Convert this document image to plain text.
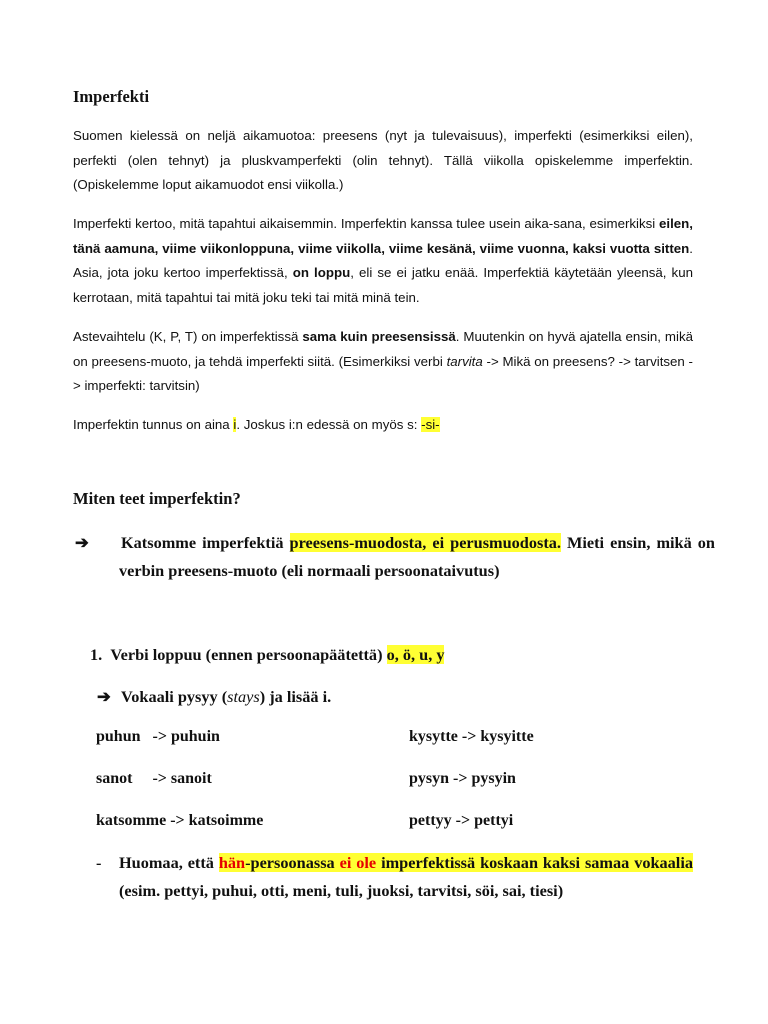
Imperfekti
Suomen kielessä on neljä aikamuotoa: preesens (nyt ja tulevaisuus), imperfekti (esimerkiksi eilen), perfekti (olen tehnyt) ja pluskvamperfekti (olin tehnyt). Tällä viikolla opiskelemme imperfektin. (Opiskelemme loput aikamuodot ensi viikolla.)
Imperfekti kertoo, mitä tapahtui aikaisemmin. Imperfektin kanssa tulee usein aika-sana, esimerkiksi eilen, tänä aamuna, viime viikonloppuna, viime viikolla, viime kesänä, viime vuonna, kaksi vuotta sitten. Asia, jota joku kertoo imperfektissä, on loppu, eli se ei jatku enää. Imperfektiä käytetään yleensä, kun kerrotaan, mitä tapahtui tai mitä joku teki tai mitä minä tein.
Astevaihtelu (K, P, T) on imperfektissä sama kuin preesensissä. Muutenkin on hyvä ajatella ensin, mikä on preesens-muoto, ja tehdä imperfekti siitä. (Esimerkiksi verbi tarvita -> Mikä on preesens? -> tarvitsen -> imperfekti: tarvitsin)
Imperfektin tunnus on aina i. Joskus i:n edessä on myös s: -si-
Miten teet imperfektin?
➔ Katsomme imperfektiä preesens-muodosta, ei perusmuodosta. Mieti ensin, mikä on verbin preesens-muoto (eli normaali persoonataivutus)
1. Verbi loppuu (ennen persoonapäätettä) o, ö, u, y
➔ Vokaali pysyy (stays) ja lisää i.
puhun   -> puhuin
sanot     -> sanoit
katsomme -> katsoimme
kysytte -> kysyitte
pysyn -> pysyin
pettyy -> pettyi
- Huomaa, että hän-persoonassa ei ole imperfektissä koskaan kaksi samaa vokaalia (esim. pettyi, puhui, otti, meni, tuli, juoksi, tarvitsi, söi, sai, tiesi)
